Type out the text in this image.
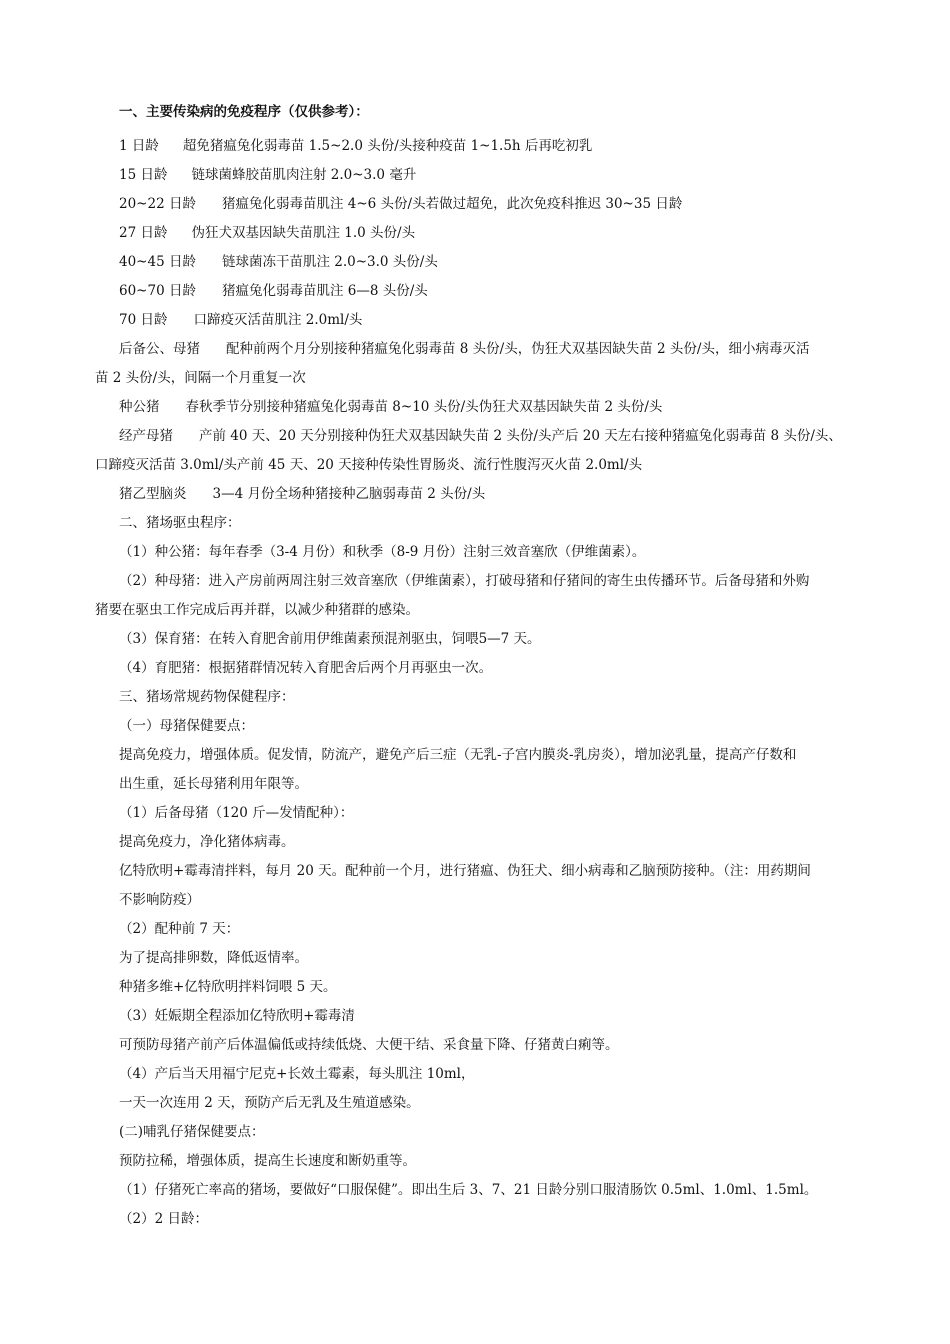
一、主要传染病的免疫程序（仅供参考）：

1 日龄 超免猪瘟兔化弱毒苗 1.5~2.0 头份/头接种疫苗 1~1.5h 后再吃初乳

15 日龄 链球菌蜂胶苗肌肉注射 2.0~3.0 毫升

20~22 日龄 猪瘟兔化弱毒苗肌注 4~6 头份/头若做过超免，此次免疫科推迟 30~35 日龄

27 日龄 伪狂犬双基因缺失苗肌注 1.0 头份/头

40~45 日龄 链球菌冻干苗肌注 2.0~3.0 头份/头

60~70 日龄 猪瘟兔化弱毒苗肌注 6—8 头份/头

70 日龄 口蹄疫灭活苗肌注 2.0ml/头

后备公、母猪 配种前两个月分别接种猪瘟兔化弱毒苗 8 头份/头，伪狂犬双基因缺失苗 2 头份/头，细小病毒灭活

苗 2 头份/头，间隔一个月重复一次

种公猪 春秋季节分别接种猪瘟兔化弱毒苗 8~10 头份/头伪狂犬双基因缺失苗 2 头份/头

经产母猪 产前 40 天、20 天分别接种伪狂犬双基因缺失苗 2 头份/头产后 20 天左右接种猪瘟兔化弱毒苗 8 头份/头、

口蹄疫灭活苗 3.0ml/头产前 45 天、20 天接种传染性胃肠炎、流行性腹泻灭火苗 2.0ml/头

猪乙型脑炎 3—4 月份全场种猪接种乙脑弱毒苗 2 头份/头

二、猪场驱虫程序：

（1）种公猪：每年春季（3-4 月份）和秋季（8-9 月份）注射三效音塞欣（伊维菌素）。

（2）种母猪：进入产房前两周注射三效音塞欣（伊维菌素），打破母猪和仔猪间的寄生虫传播环节。后备母猪和外购

猪要在驱虫工作完成后再并群，以减少种猪群的感染。

（3）保育猪：在转入育肥舍前用伊维菌素预混剂驱虫，饲喂5—7 天。

（4）育肥猪：根据猪群情况转入育肥舍后两个月再驱虫一次。

三、猪场常规药物保健程序：

（一）母猪保健要点：

提高免疫力，增强体质。促发情，防流产，避免产后三症（无乳-子宫内膜炎-乳房炎），增加泌乳量，提高产仔数和

出生重，延长母猪利用年限等。

（1）后备母猪（120 斤—发情配种）：

提高免疫力，净化猪体病毒。

亿特欣明+霉毒清拌料，每月 20 天。配种前一个月，进行猪瘟、伪狂犬、细小病毒和乙脑预防接种。（注：用药期间

不影响防疫）

（2）配种前 7 天：

为了提高排卵数，降低返情率。

种猪多维+亿特欣明拌料饲喂 5 天。

（3）妊娠期全程添加亿特欣明+霉毒清

可预防母猪产前产后体温偏低或持续低烧、大便干结、采食量下降、仔猪黄白痢等。

（4）产后当天用福宁尼克+长效土霉素，每头肌注 10ml，

一天一次连用 2 天，预防产后无乳及生殖道感染。

(二)哺乳仔猪保健要点：

预防拉稀，增强体质，提高生长速度和断奶重等。

（1）仔猪死亡率高的猪场，要做好“口服保健”。即出生后 3、7、21 日龄分别口服清肠饮 0.5ml、1.0ml、1.5ml。

（2）2 日龄：
